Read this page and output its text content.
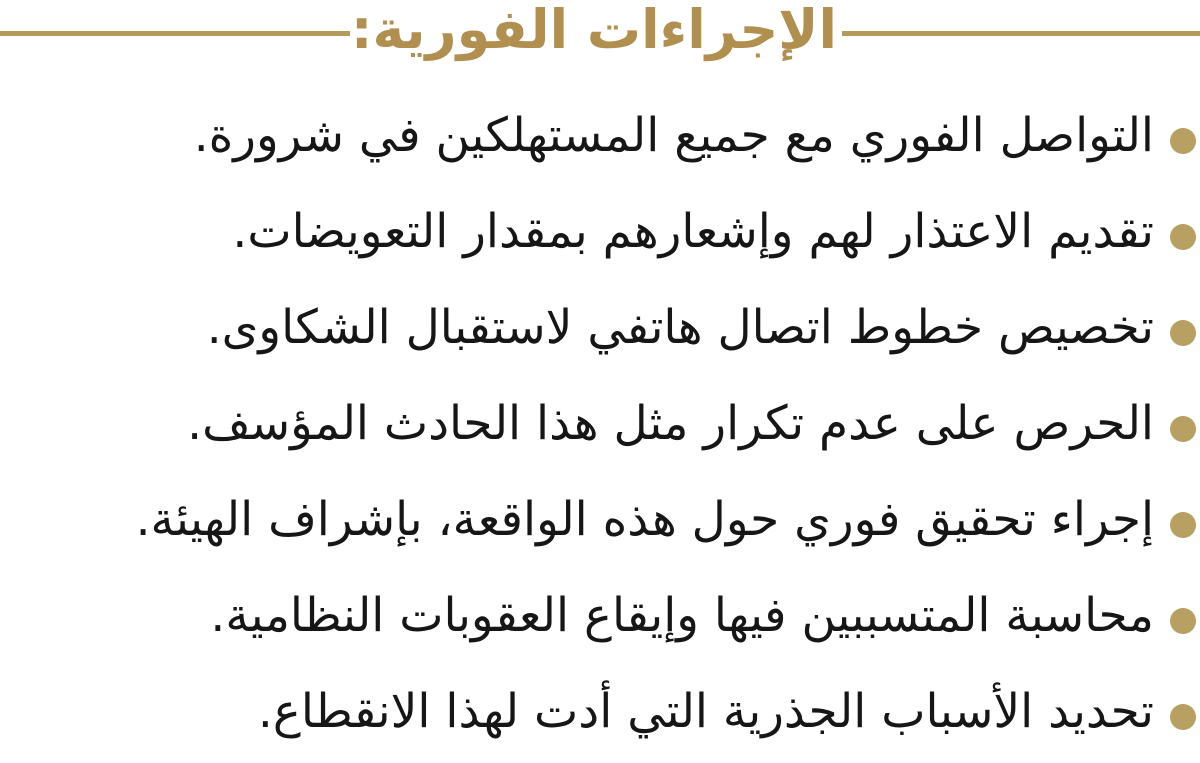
الإجراءات الفورية:
التواصل الفوري مع جميع المستهلكين في شرورة.
تقديم الاعتذار لهم وإشعارهم بمقدار التعويضات.
تخصيص خطوط اتصال هاتفي لاستقبال الشكاوى.
الحرص على عدم تكرار مثل هذا الحادث المؤسف.
إجراء تحقيق فوري حول هذه الواقعة، بإشراف الهيئة.
محاسبة المتسببين فيها وإيقاع العقوبات النظامية.
تحديد الأسباب الجذرية التي أدت لهذا الانقطاع.
